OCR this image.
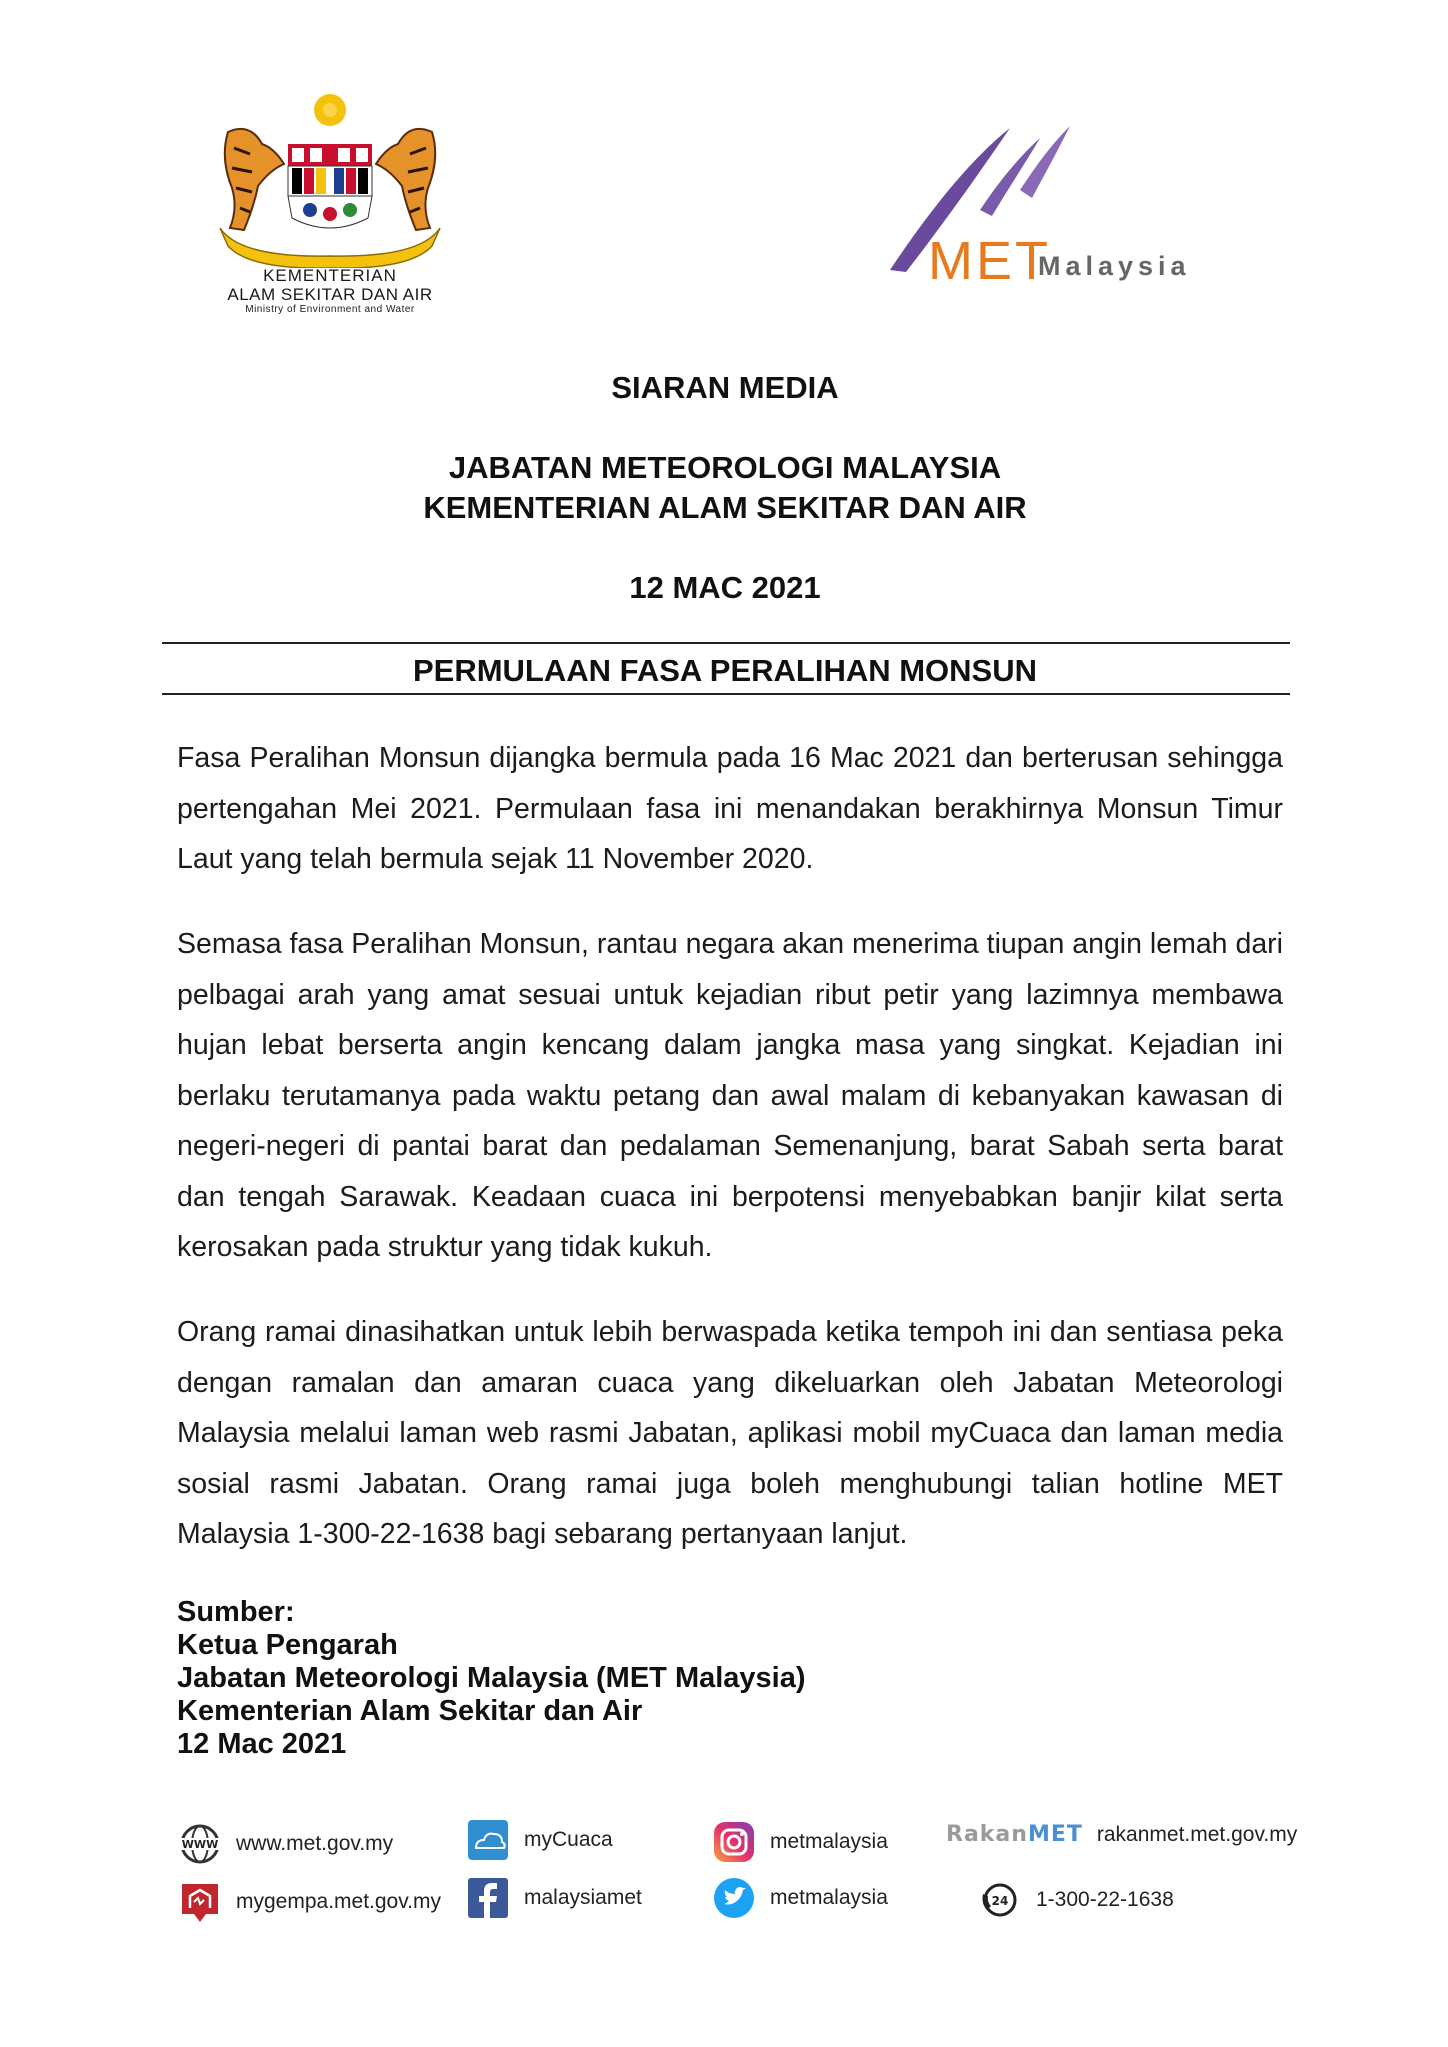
KEMENTERIAN
ALAM SEKITAR DAN AIR
Ministry of Environment and Water
MET
Malaysia
SIARAN MEDIA
JABATAN METEOROLOGI MALAYSIA
KEMENTERIAN ALAM SEKITAR DAN AIR
12 MAC 2021
PERMULAAN FASA PERALIHAN MONSUN
Fasa Peralihan Monsun dijangka bermula pada 16 Mac 2021 dan berterusan sehingga pertengahan Mei 2021. Permulaan fasa ini menandakan berakhirnya Monsun Timur Laut yang telah bermula sejak 11 November 2020.
Semasa fasa Peralihan Monsun, rantau negara akan menerima tiupan angin lemah dari pelbagai arah yang amat sesuai untuk kejadian ribut petir yang lazimnya membawa hujan lebat berserta angin kencang dalam jangka masa yang singkat. Kejadian ini berlaku terutamanya pada waktu petang dan awal malam di kebanyakan kawasan di negeri-negeri di pantai barat dan pedalaman Semenanjung, barat Sabah serta barat dan tengah Sarawak. Keadaan cuaca ini berpotensi menyebabkan banjir kilat serta kerosakan pada struktur yang tidak kukuh.
Orang ramai dinasihatkan untuk lebih berwaspada ketika tempoh ini dan sentiasa peka dengan ramalan dan amaran cuaca yang dikeluarkan oleh Jabatan Meteorologi Malaysia melalui laman web rasmi Jabatan, aplikasi mobil myCuaca dan laman media sosial rasmi Jabatan. Orang ramai juga boleh menghubungi talian hotline MET Malaysia 1-300-22-1638 bagi sebarang pertanyaan lanjut.
Sumber:
Ketua Pengarah
Jabatan Meteorologi Malaysia (MET Malaysia)
Kementerian Alam Sekitar dan Air
12 Mac 2021
WWW www.met.gov.my	myCuaca	metmalaysia	RakanMET rakanmet.met.gov.my
mygempa.met.gov.my	malaysiamet	metmalaysia	24 1-300-22-1638
